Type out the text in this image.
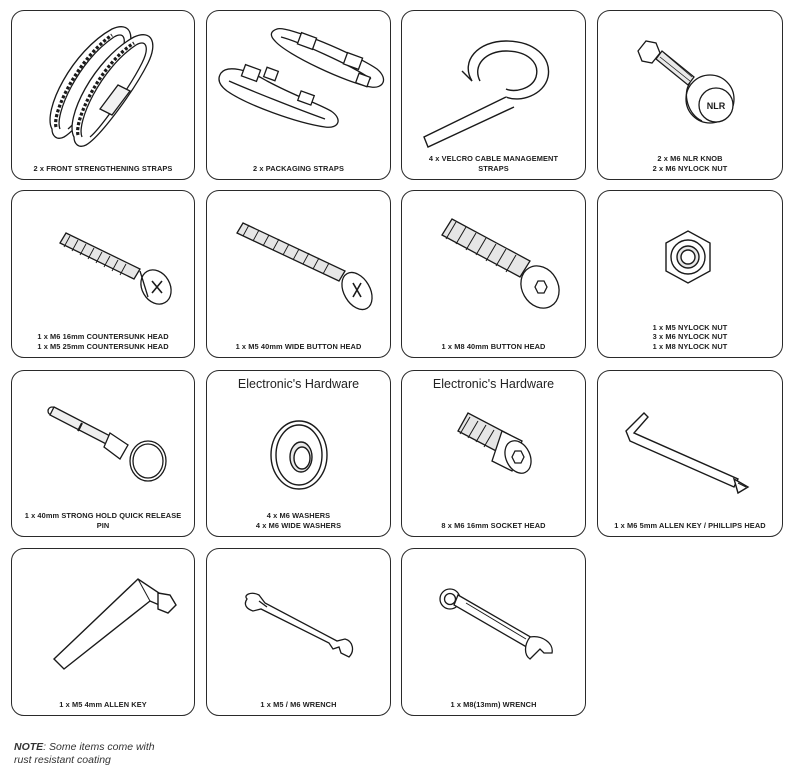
2 x FRONT STRENGTHENING STRAPS	2 x PACKAGING STRAPS
4 x VELCRO CABLE MANAGEMENT
STRAPS
NLR
2 x M6 NLR KNOB
2 x M6 NYLOCK NUT
1 x M6 16mm COUNTERSUNK HEAD
1 x M5 25mm COUNTERSUNK HEAD	1 x M5 40mm WIDE BUTTON HEAD	1 x M8 40mm BUTTON HEAD
1 x M5 NYLOCK NUT
3 x M6 NYLOCK NUT
1 x M8 NYLOCK NUT
1 x 40mm STRONG HOLD QUICK RELEASE
PIN
Electronic's Hardware
4 x M6 WASHERS
4 x M6 WIDE WASHERS
Electronic's Hardware
8 x M6 16mm SOCKET HEAD	1 x M6 5mm ALLEN KEY / PHILLIPS HEAD
1 x M5 4mm ALLEN KEY	1 x M5 / M6 WRENCH	1 x M8(13mm) WRENCH
NOTE: Some items come with
rust resistant coating
